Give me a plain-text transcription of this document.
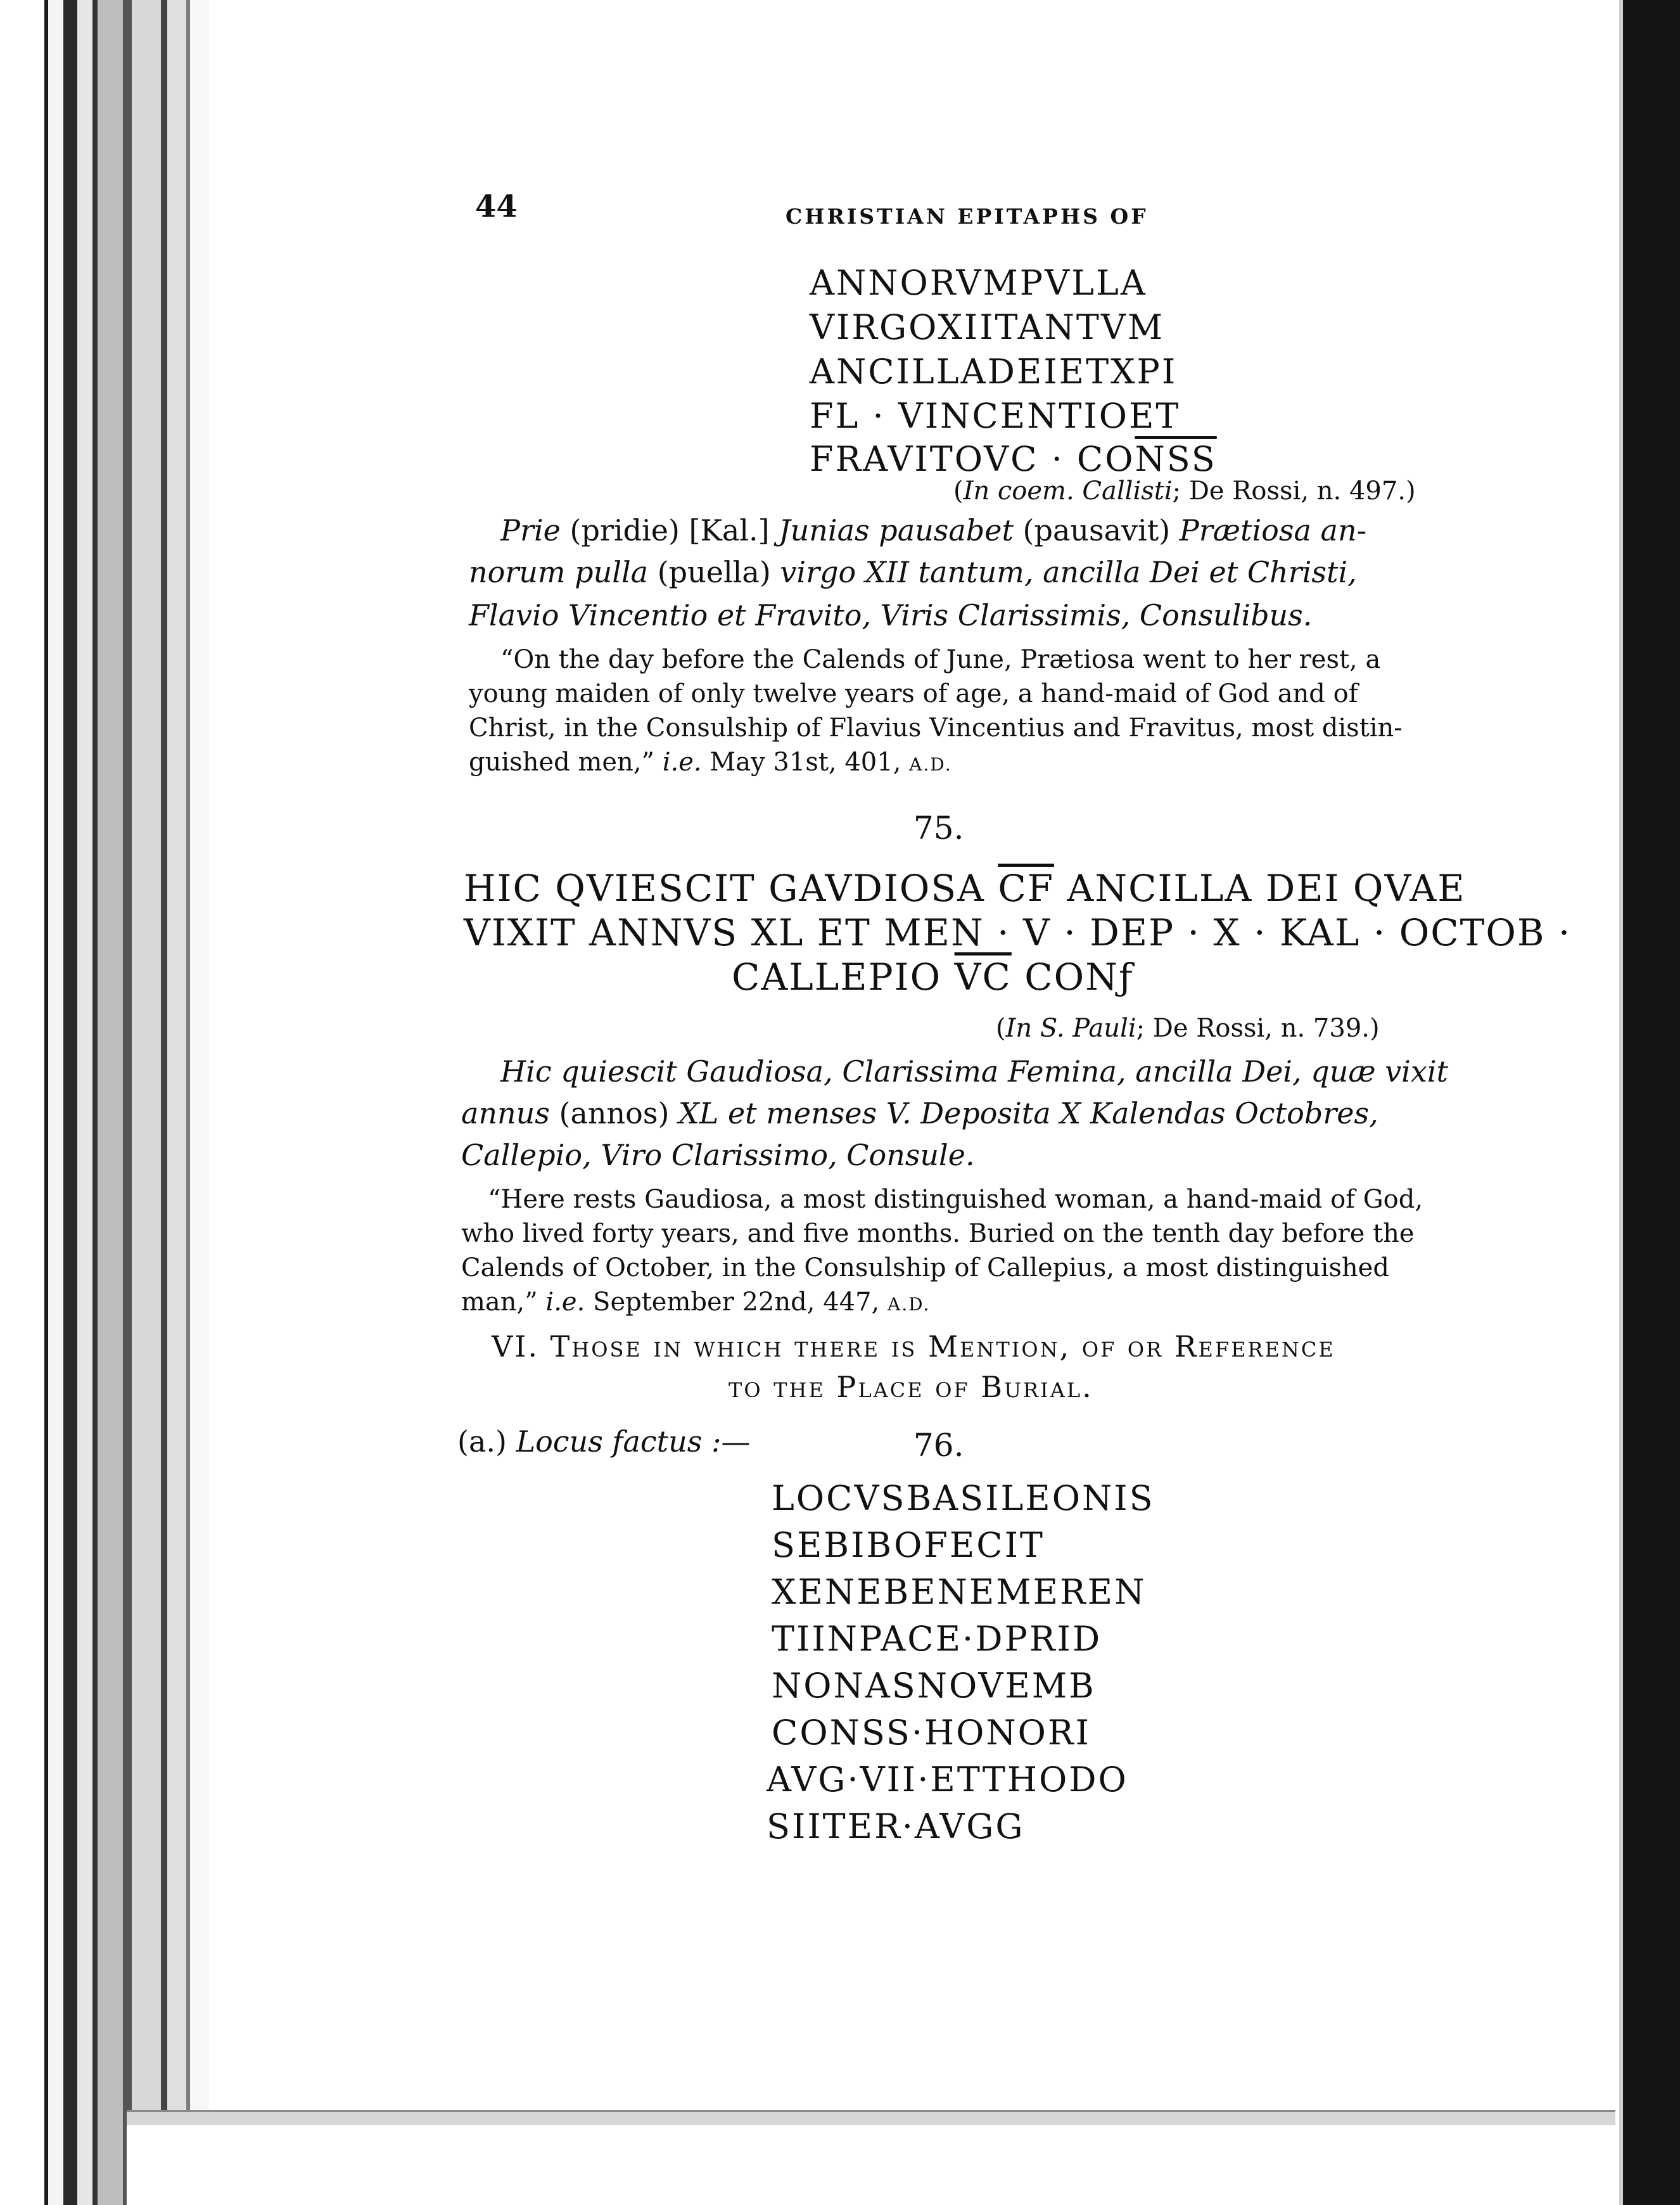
44	CHRISTIAN EPITAPHS OF
ANNORVMPVLLA
VIRGOXIITANTVM
ANCILLADEIETXPI
FL · VINCENTIOET
FRAVITOVC · $CO\overline{NSS}$
(In coem. Callisti; De Rossi, n. 497.)
Prie (pridie) [Kal.] Junias pausabet (pausavit) Prætiosa an-
norum pulla (puella) virgo XII tantum, ancilla Dei et Christi,
Flavio Vincentio et Fravito, Viris Clarissimis, Consulibus.
“On the day before the Calends of June, Prætiosa went to her rest, a
young maiden of only twelve years of age, a hand-maid of God and of
Christ, in the Consulship of Flavius Vincentius and Fravitus, most distin-
guished men,” i.e. May 31st, 401, A.D.
75.
HIC QVIESCIT GAVDIOSA $\overline{CF}$ ANCILLA DEI QVAE
VIXIT ANNVS XL ET MEN · V · DEP · X · KAL · OCTOB ·
CALLEPIO $\overline{VC}$ CONƒ
(In S. Pauli; De Rossi, n. 739.)
Hic quiescit Gaudiosa, Clarissima Femina, ancilla Dei, quæ vixit
annus (annos) XL et menses V. Deposita X Kalendas Octobres,
Callepio, Viro Clarissimo, Consule.
“Here rests Gaudiosa, a most distinguished woman, a hand-maid of God,
who lived forty years, and five months. Buried on the tenth day before the
Calends of October, in the Consulship of Callepius, a most distinguished
man,” i.e. September 22nd, 447, A.D.
VI. Those in which there is Mention, of or Reference
to the Place of Burial.
(a.) Locus factus :—	76.
LOCVSBASILEONIS
SEBIBOFECIT
XENEBENEMEREN
TIINPACE·DPRID
NONASNOVEMB
CONSS·HONORI
AVG·VII·ETTHODO
SIITER·AVGG
